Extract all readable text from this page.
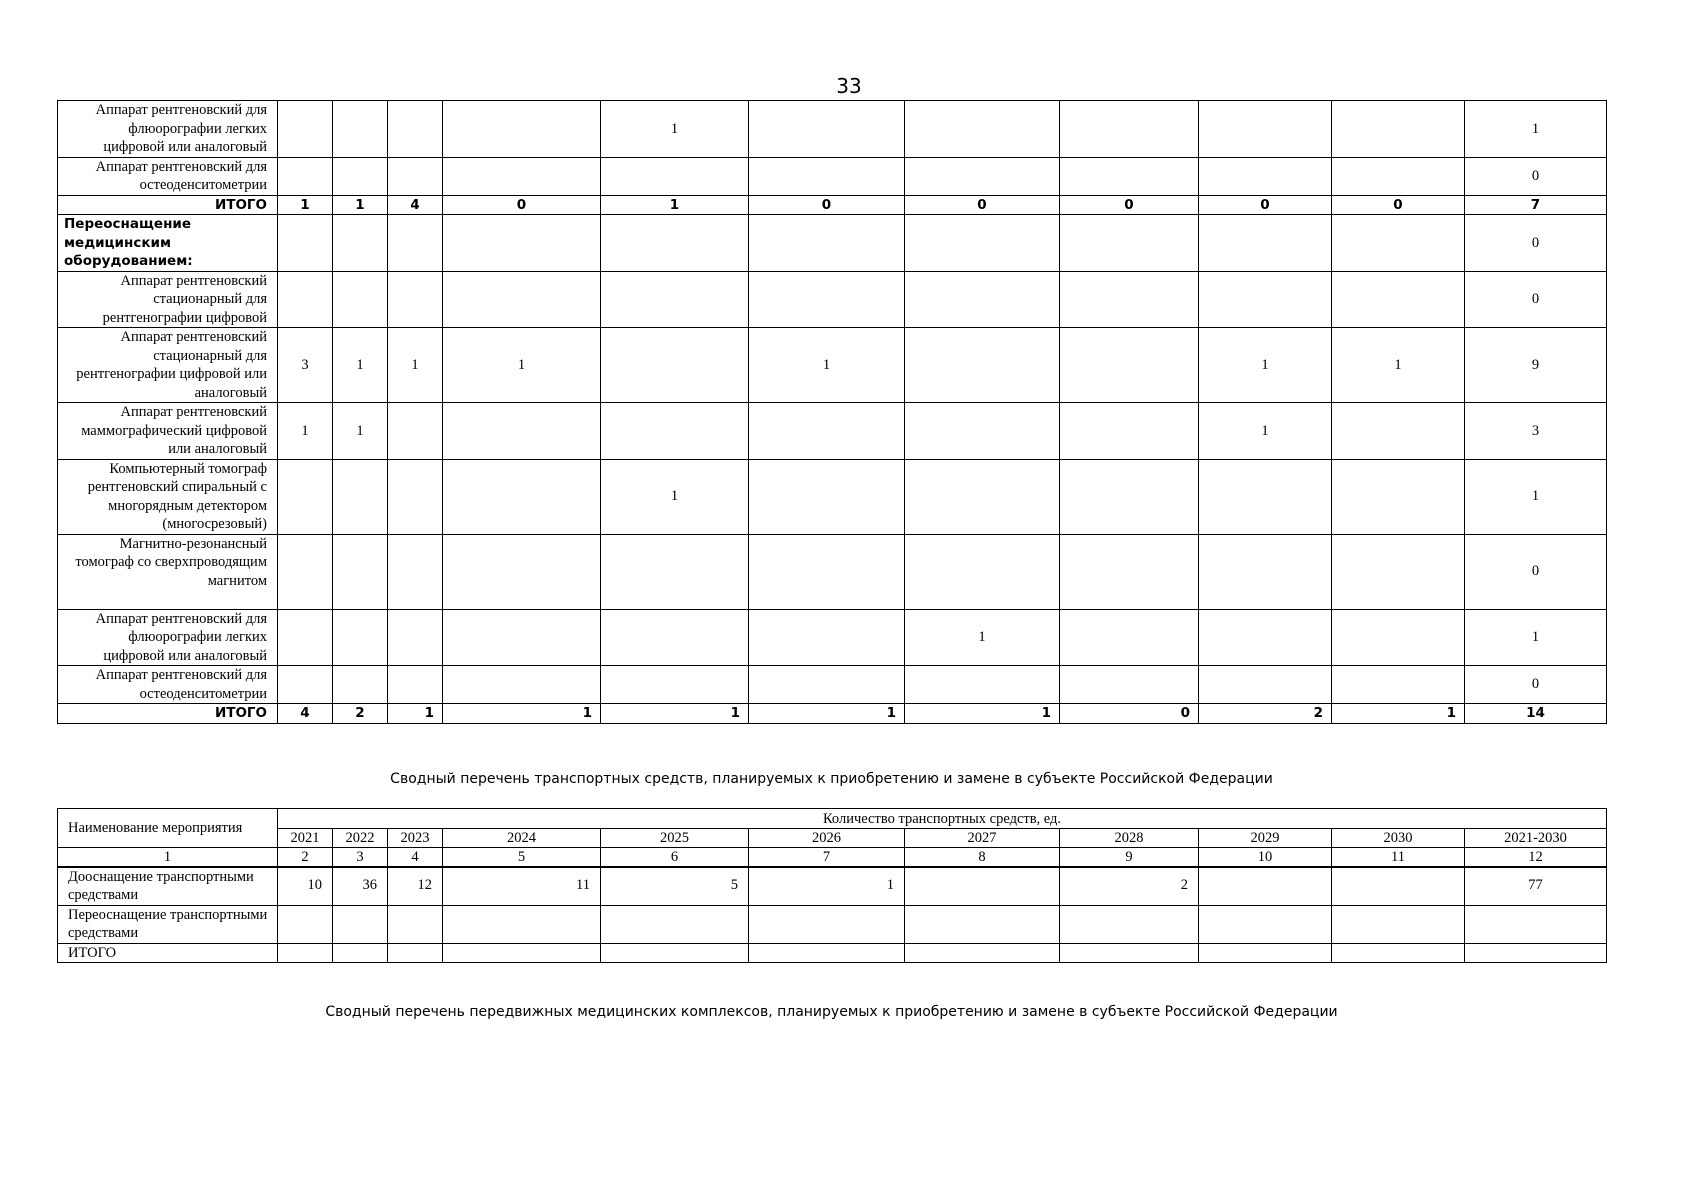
33
Аппарат рентгеновский для флюорографии легких цифровой или аналоговый					1						1
Аппарат рентгеновский для остеоденситометрии											0
ИТОГО	1	1	4	0	1	0	0	0	0	0	7
Переоснащение медицинским оборудованием:											0
Аппарат рентгеновский стационарный для рентгенографии цифровой											0
Аппарат рентгеновский стационарный для рентгенографии цифровой или аналоговый	3	1	1	1		1			1	1	9
Аппарат рентгеновский маммографический цифровой или аналоговый	1	1							1		3
Компьютерный томограф рентгеновский спиральный с многорядным детектором (многосрезовый)					1						1
Магнитно-резонансный томограф со сверхпроводящим магнитом											0
Аппарат рентгеновский для флюорографии легких цифровой или аналоговый							1				1
Аппарат рентгеновский для остеоденситометрии											0
ИТОГО	4	2	1	1	1	1	1	0	2	1	14
Сводный перечень транспортных средств, планируемых к приобретению и замене в субъекте Российской Федерации
Наименование мероприятия	Количество транспортных средств, ед.										
	2021	2022	2023	2024	2025	2026	2027	2028	2029	2030	2021-2030
1	2	3	4	5	6	7	8	9	10	11	12
Дооснащение транспортными средствами	10	36	12	11	5	1		2			77
Переоснащение транспортными средствами											
ИТОГО											
Сводный перечень передвижных медицинских комплексов, планируемых к приобретению и замене в субъекте Российской Федерации
